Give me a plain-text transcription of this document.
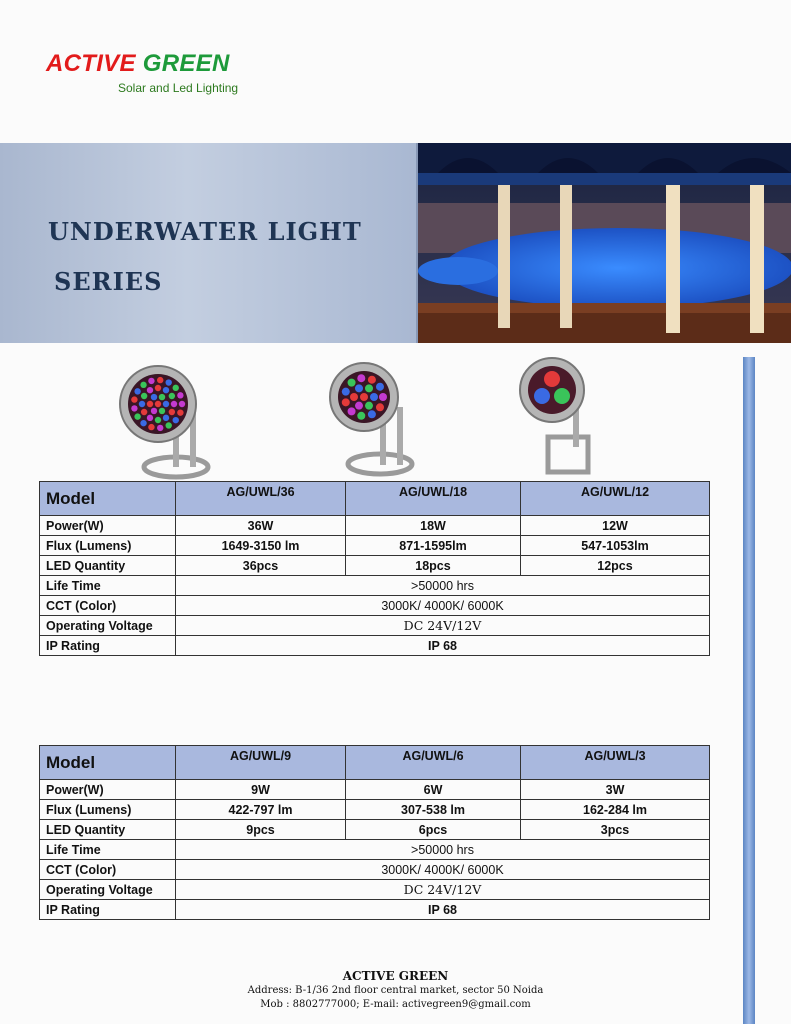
ACTIVE GREEN
Solar and Led Lighting
UNDERWATER LIGHT
SERIES
Model	AG/UWL/36	AG/UWL/18	AG/UWL/12
Power(W)	36W	18W	12W
Flux (Lumens)	1649-3150 lm	871-1595lm	547-1053lm
LED Quantity	36pcs	18pcs	12pcs
Life Time	>50000 hrs		
CCT (Color)	3000K/ 4000K/ 6000K		
Operating Voltage	DC 24V/12V		
IP Rating	IP 68		
Model	AG/UWL/9	AG/UWL/6	AG/UWL/3
Power(W)	9W	6W	3W
Flux (Lumens)	422-797 lm	307-538 lm	162-284 lm
LED Quantity	9pcs	6pcs	3pcs
Life Time	>50000 hrs		
CCT (Color)	3000K/ 4000K/ 6000K		
Operating Voltage	DC 24V/12V		
IP Rating	IP 68		
ACTIVE GREEN
Address: B-1/36 2nd floor central market, sector 50 Noida
Mob : 8802777000; E-mail: activegreen9@gmail.com
